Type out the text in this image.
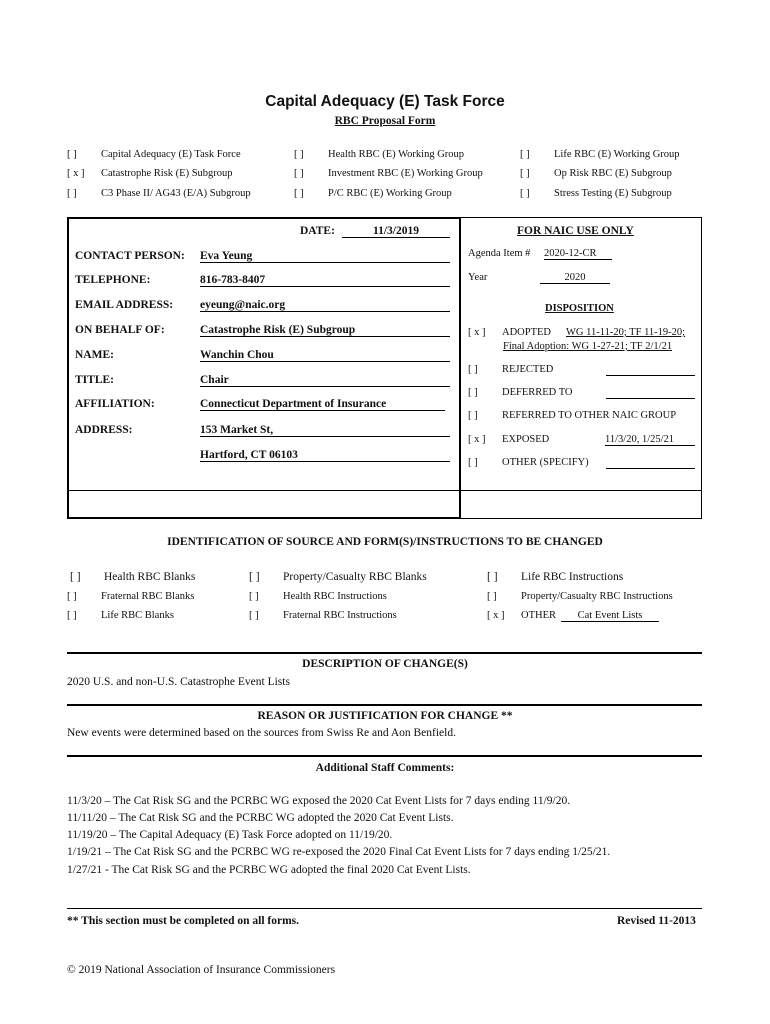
Capital Adequacy (E) Task Force
RBC Proposal Form
[ ] Capital Adequacy (E) Task Force	[ ] Health RBC (E) Working Group	[ ] Life RBC (E) Working Group
[ x ] Catastrophe Risk (E) Subgroup	[ ] Investment RBC (E) Working Group	[ ] Op Risk RBC (E) Subgroup
[ ] C3 Phase II/ AG43 (E/A) Subgroup	[ ] P/C RBC (E) Working Group	[ ] Stress Testing (E) Subgroup
DATE:	11/3/2019
CONTACT PERSON: Eva Yeung
TELEPHONE:	816-783-8407
EMAIL ADDRESS: eyeung@naic.org
ON BEHALF OF:	Catastrophe Risk (E) Subgroup
NAME:	Wanchin Chou
TITLE:	Chair
AFFILIATION:	Connecticut Department of Insurance
ADDRESS:	153 Market St,
Hartford, CT 06103
FOR NAIC USE ONLY
Agenda Item # 2020-12-CR
Year	2020
DISPOSITION
[ x ] ADOPTED WG 11-11-20; TF 11-19-20;
Final Adoption: WG 1-27-21; TF 2/1/21
[ ] REJECTED
[ ] DEFERRED TO
[ ] REFERRED TO OTHER NAIC GROUP
[ x ] EXPOSED	11/3/20, 1/25/21
[ ] OTHER (SPECIFY)
IDENTIFICATION OF SOURCE AND FORM(S)/INSTRUCTIONS TO BE CHANGED
[ ] Health RBC Blanks	[ ] Property/Casualty RBC Blanks	[ ] Life RBC Instructions
[ ] Fraternal RBC Blanks	[ ] Health RBC Instructions	[ ] Property/Casualty RBC Instructions
[ ] Life RBC Blanks	[ ] Fraternal RBC Instructions	[ x ] OTHER	Cat Event Lists
DESCRIPTION OF CHANGE(S)
2020 U.S. and non-U.S. Catastrophe Event Lists
REASON OR JUSTIFICATION FOR CHANGE **
New events were determined based on the sources from Swiss Re and Aon Benfield.
Additional Staff Comments:
11/3/20 – The Cat Risk SG and the PCRBC WG exposed the 2020 Cat Event Lists for 7 days ending 11/9/20.
11/11/20 – The Cat Risk SG and the PCRBC WG adopted the 2020 Cat Event Lists.
11/19/20 – The Capital Adequacy (E) Task Force adopted on 11/19/20.
1/19/21 – The Cat Risk SG and the PCRBC WG re-exposed the 2020 Final Cat Event Lists for 7 days ending 1/25/21.
1/27/21 - The Cat Risk SG and the PCRBC WG adopted the final 2020 Cat Event Lists.
** This section must be completed on all forms.	Revised 11-2013
© 2019 National Association of Insurance Commissioners
